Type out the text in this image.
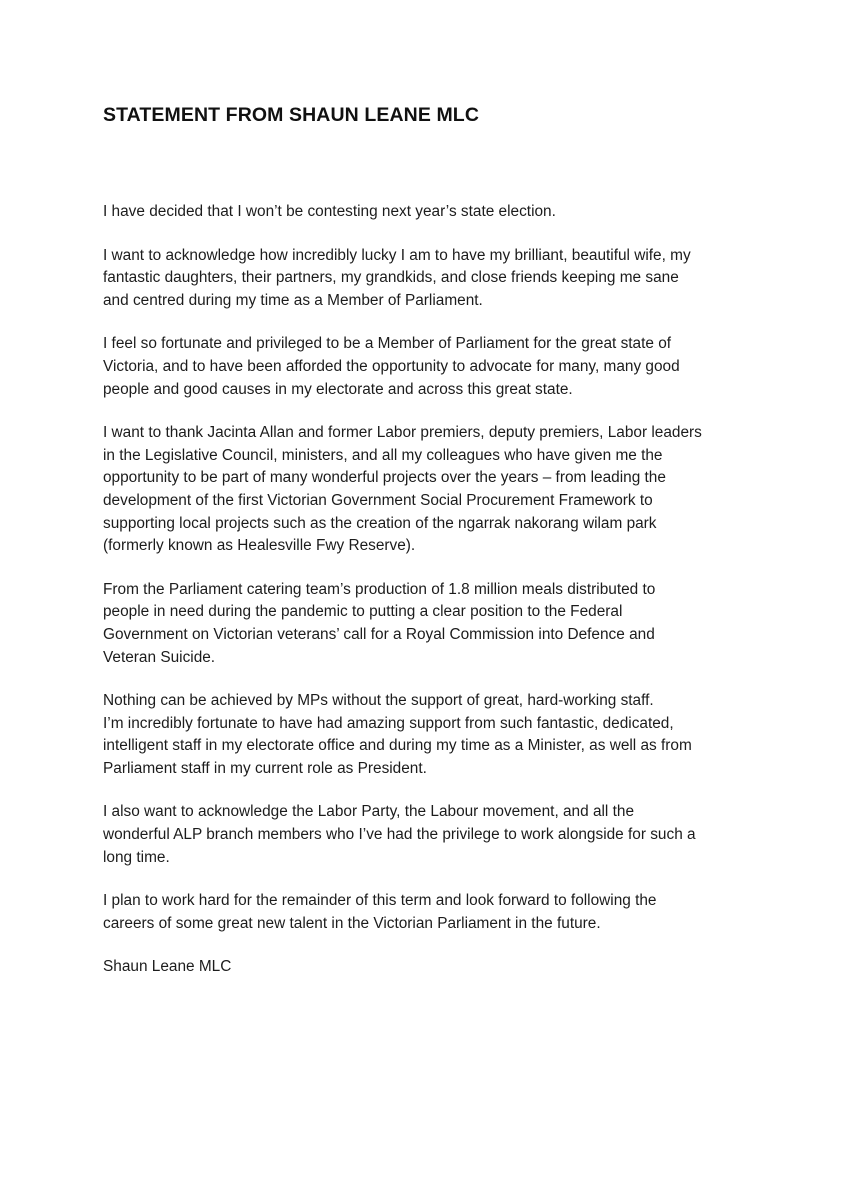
STATEMENT FROM SHAUN LEANE MLC

I have decided that I won’t be contesting next year’s state election.

I want to acknowledge how incredibly lucky I am to have my brilliant, beautiful wife, my
fantastic daughters, their partners, my grandkids, and close friends keeping me sane
and centred during my time as a Member of Parliament.

I feel so fortunate and privileged to be a Member of Parliament for the great state of
Victoria, and to have been afforded the opportunity to advocate for many, many good
people and good causes in my electorate and across this great state.

I want to thank Jacinta Allan and former Labor premiers, deputy premiers, Labor leaders
in the Legislative Council, ministers, and all my colleagues who have given me the
opportunity to be part of many wonderful projects over the years – from leading the
development of the first Victorian Government Social Procurement Framework to
supporting local projects such as the creation of the ngarrak nakorang wilam park
(formerly known as Healesville Fwy Reserve).

From the Parliament catering team’s production of 1.8 million meals distributed to
people in need during the pandemic to putting a clear position to the Federal
Government on Victorian veterans’ call for a Royal Commission into Defence and
Veteran Suicide.

Nothing can be achieved by MPs without the support of great, hard-working staff.
I’m incredibly fortunate to have had amazing support from such fantastic, dedicated,
intelligent staff in my electorate office and during my time as a Minister, as well as from
Parliament staff in my current role as President.

I also want to acknowledge the Labor Party, the Labour movement, and all the
wonderful ALP branch members who I’ve had the privilege to work alongside for such a
long time.

I plan to work hard for the remainder of this term and look forward to following the
careers of some great new talent in the Victorian Parliament in the future.

Shaun Leane MLC
